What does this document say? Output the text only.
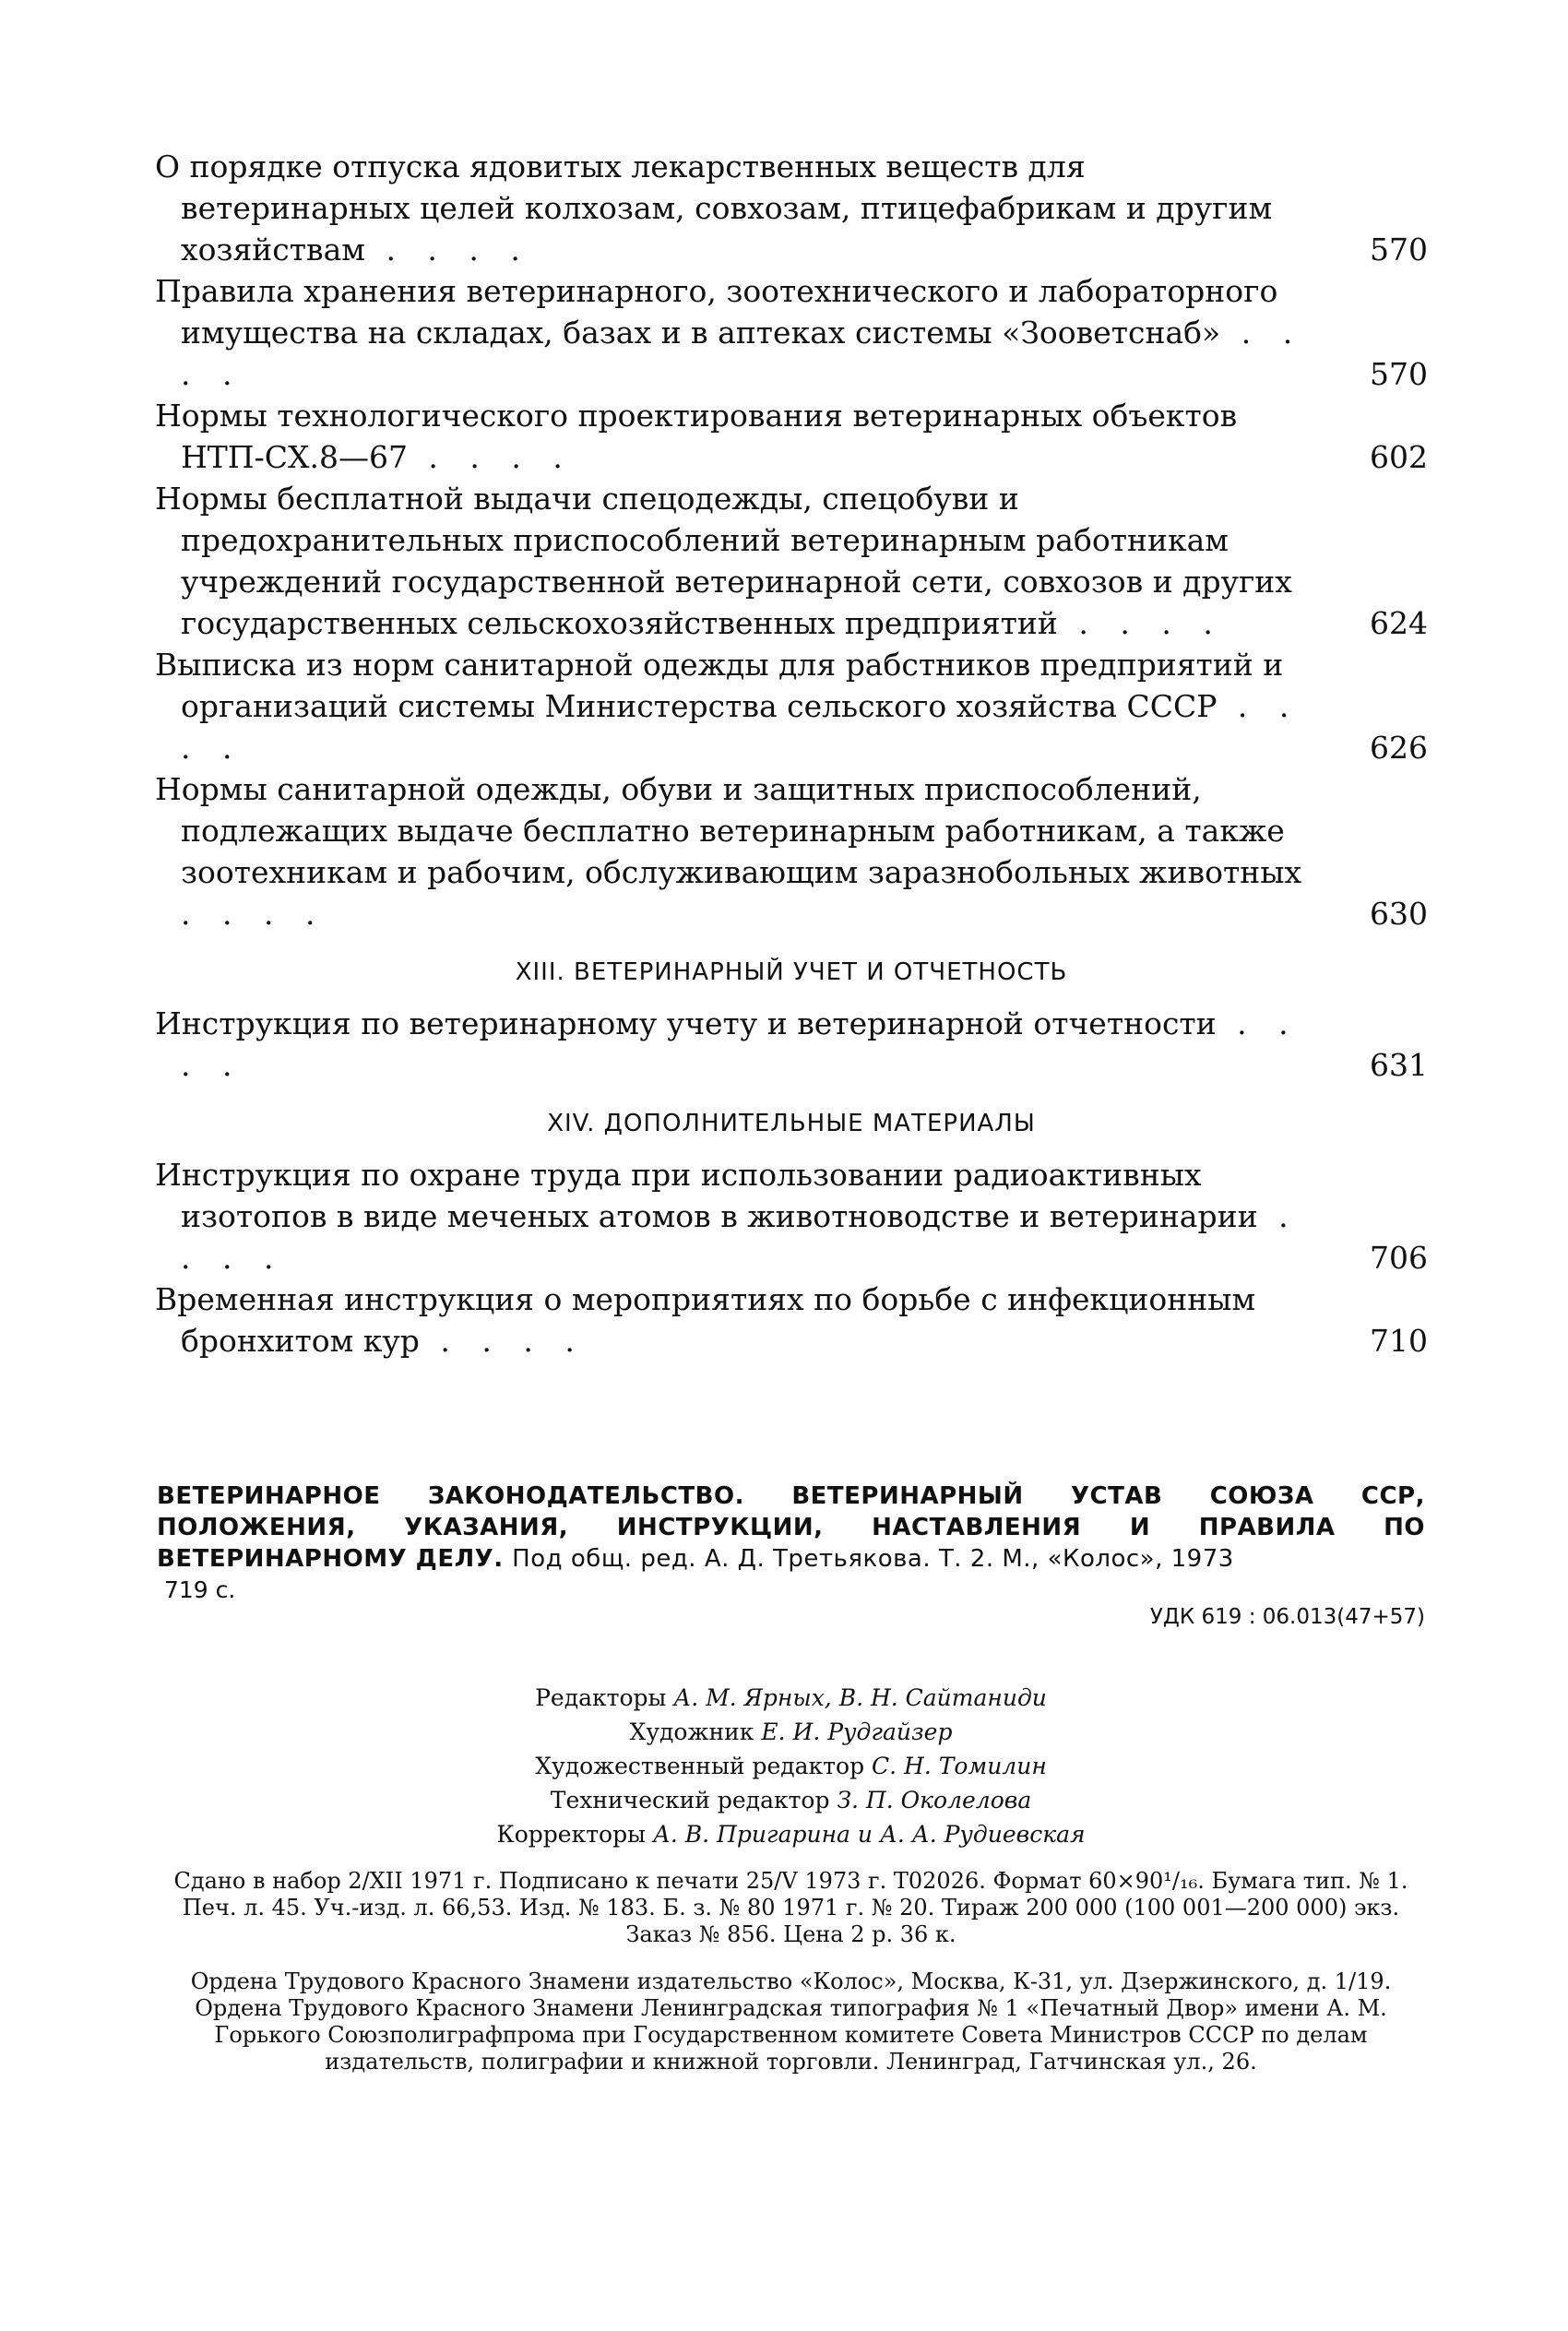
О порядке отпуска ядовитых лекарственных веществ для ветеринарных целей колхозам, совхозам, птицефабрикам и другим хозяйствам . . . .	570
Правила хранения ветеринарного, зоотехнического и лабораторного имущества на складах, базах и в аптеках системы «Зооветснаб» . . . .	570
Нормы технологического проектирования ветеринарных объектов НТП-СХ.8—67 . . . .	602
Нормы бесплатной выдачи спецодежды, спецобуви и предохранительных приспособлений ветеринарным работникам учреждений государственной ветеринарной сети, совхозов и других государственных сельскохозяйственных предприятий . . . .	624
Выписка из норм санитарной одежды для рабстников предприятий и организаций системы Министерства сельского хозяйства СССР . . . .	626
Нормы санитарной одежды, обуви и защитных приспособлений, подлежащих выдаче бесплатно ветеринарным работникам, а также зоотехникам и рабочим, обслуживающим заразнобольных животных . . . .	630
XIII. ВЕТЕРИНАРНЫЙ УЧЕТ И ОТЧЕТНОСТЬ
Инструкция по ветеринарному учету и ветеринарной отчетности . . . .	631
XIV. ДОПОЛНИТЕЛЬНЫЕ МАТЕРИАЛЫ
Инструкция по охране труда при использовании радиоактивных изотопов в виде меченых атомов в животноводстве и ветеринарии . . . .	706
Временная инструкция о мероприятиях по борьбе с инфекционным бронхитом кур . . . .	710
ВЕТЕРИНАРНОЕ ЗАКОНОДАТЕЛЬСТВО. ВЕТЕРИНАРНЫЙ УСТАВ СОЮЗА ССР, ПОЛОЖЕНИЯ, УКАЗАНИЯ, ИНСТРУКЦИИ, НАСТАВЛЕНИЯ И ПРАВИЛА ПО ВЕТЕРИНАРНОМУ ДЕЛУ. Под общ. ред. А. Д. Третьякова. Т. 2. М., «Колос», 1973
719 с.
УДК 619 : 06.013(47+57)
Редакторы А. М. Ярных, В. Н. Сайтаниди
Художник Е. И. Рудгайзер
Художественный редактор С. Н. Томилин
Технический редактор З. П. Околелова
Корректоры А. В. Пригарина и А. А. Рудиевская
Сдано в набор 2/XII 1971 г. Подписано к печати 25/V 1973 г. Т02026. Формат 60×90¹/₁₆. Бумага тип. № 1. Печ. л. 45. Уч.-изд. л. 66,53. Изд. № 183. Б. з. № 80 1971 г. № 20. Тираж 200 000 (100 001—200 000) экз. Заказ № 856. Цена 2 р. 36 к.
Ордена Трудового Красного Знамени издательство «Колос», Москва, К-31, ул. Дзержинского, д. 1/19. Ордена Трудового Красного Знамени Ленинградская типография № 1 «Печатный Двор» имени А. М. Горького Союзполиграфпрома при Государственном комитете Совета Министров СССР по делам издательств, полиграфии и книжной торговли. Ленинград, Гатчинская ул., 26.
